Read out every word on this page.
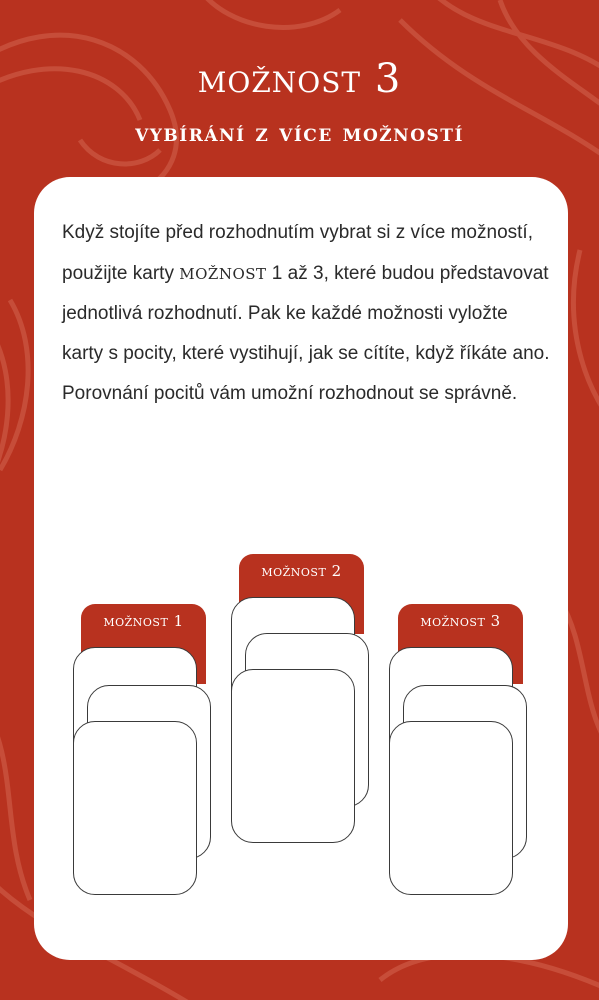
možnost 3
vybírání z více možností

Když stojíte před rozhodnutím vybrat si z více možností, použijte karty možnost 1 až 3, které budou představovat jednotlivá rozhodnutí. Pak ke každé možnosti vyložte karty s pocity, které vystihují, jak se cítíte, když říkáte ano. Porovnání pocitů vám umožní rozhodnout se správně.

možnost 1
možnost 2
možnost 3
